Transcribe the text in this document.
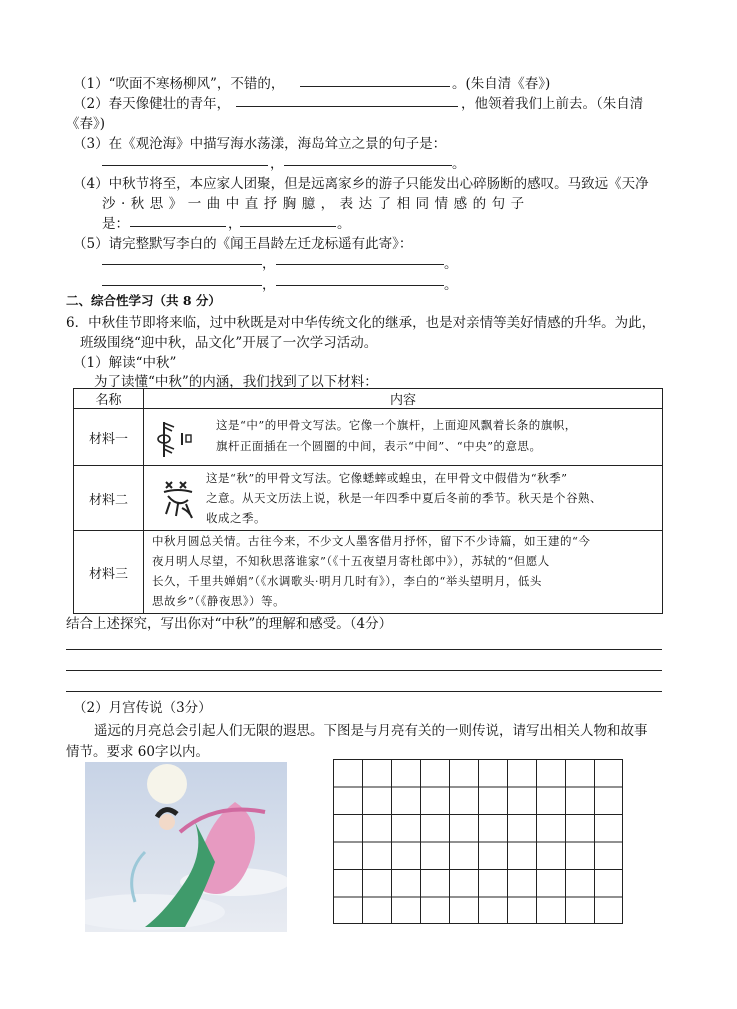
（1）“吹面不寒杨柳风”，不错的，	。(朱自清《春》)
（2）春天像健壮的青年，	，他领着我们上前去。（朱自清
《春》)
（3）在《观沧海》中描写海水荡漾，海岛耸立之景的句子是：
，	。
（4）中秋节将至，本应家人团聚，但是远离家乡的游子只能发出心碎肠断的感叹。马致远《天净
沙 · 秋 思 》 一 曲 中 直 抒 胸 臆 ， 表 达 了 相 同 情 感 的 句 子
是：	，	。
（5）请完整默写李白的《闻王昌龄左迁龙标遥有此寄》：
，	。
，	。
二、综合性学习（共 8 分）
6．中秋佳节即将来临，过中秋既是对中华传统文化的继承，也是对亲情等美好情感的升华。为此，
班级围绕“迎中秋，品文化”开展了一次学习活动。
（1）解读“中秋”
为了读懂“中秋”的内涵，我们找到了以下材料：
名称	内容
材料一	这是“中”的甲骨文写法。它像一个旗杆，上面迎风飘着长条的旗帜，
旗杆正面插在一个圆圈的中间，表示“中间”、“中央”的意思。

材料二	这是“秋”的甲骨文写法。它像蟋蟀或蝗虫，在甲骨文中假借为“秋季”
之意。从天文历法上说，秋是一年四季中夏后冬前的季节。秋天是个谷熟、
收成之季。

材料三	中秋月圆总关情。古往今来，不少文人墨客借月抒怀，留下不少诗篇，如王建的“今
夜月明人尽望，不知秋思落谁家”（《十五夜望月寄杜郎中》），苏轼的“但愿人
长久，千里共婵娟”（《水调歌头·明月几时有》），李白的“举头望明月，低头
思故乡”（《静夜思》）等。
结合上述探究，写出你对“中秋”的理解和感受。（4分）
（2）月宫传说（3分）
遥远的月亮总会引起人们无限的遐思。下图是与月亮有关的一则传说，请写出相关人物和故事
情节。要求 60字以内。
